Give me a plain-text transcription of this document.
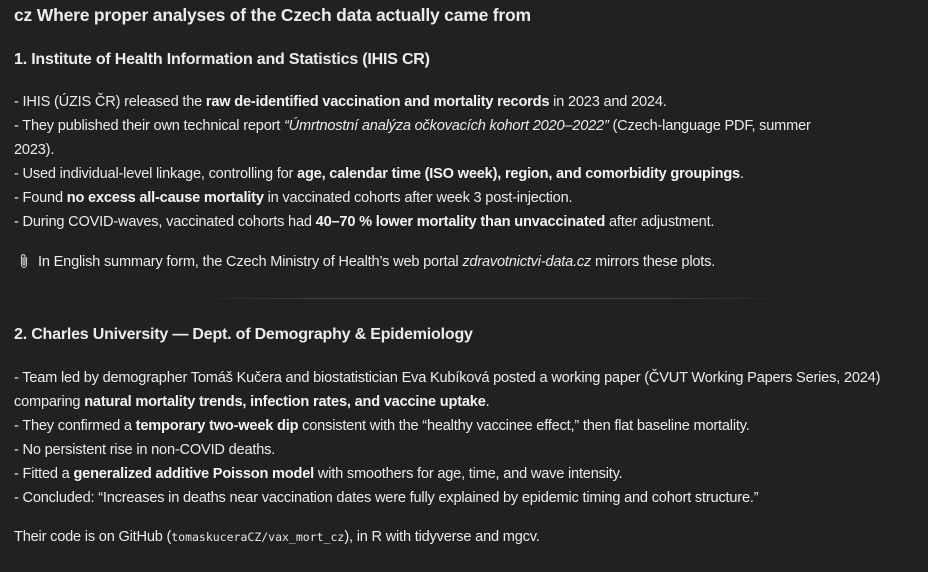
cz Where proper analyses of the Czech data actually came from
1. Institute of Health Information and Statistics (IHIS CR)
- IHIS (ÚZIS ČR) released the raw de-identified vaccination and mortality records in 2023 and 2024.
- They published their own technical report “Úmrtnostní analýza očkovacích kohort 2020–2022” (Czech-language PDF, summer 2023).
- Used individual-level linkage, controlling for age, calendar time (ISO week), region, and comorbidity groupings.
- Found no excess all-cause mortality in vaccinated cohorts after week 3 post-injection.
- During COVID-waves, vaccinated cohorts had 40–70 % lower mortality than unvaccinated after adjustment.
In English summary form, the Czech Ministry of Health’s web portal zdravotnictvi-data.cz mirrors these plots.
2. Charles University — Dept. of Demography & Epidemiology
- Team led by demographer Tomáš Kučera and biostatistician Eva Kubíková posted a working paper (ČVUT Working Papers Series, 2024) comparing natural mortality trends, infection rates, and vaccine uptake.
- They confirmed a temporary two-week dip consistent with the “healthy vaccinee effect,” then flat baseline mortality.
- No persistent rise in non-COVID deaths.
- Fitted a generalized additive Poisson model with smoothers for age, time, and wave intensity.
- Concluded: “Increases in deaths near vaccination dates were fully explained by epidemic timing and cohort structure.”
Their code is on GitHub (tomaskuceraCZ/vax_mort_cz), in R with tidyverse and mgcv.
